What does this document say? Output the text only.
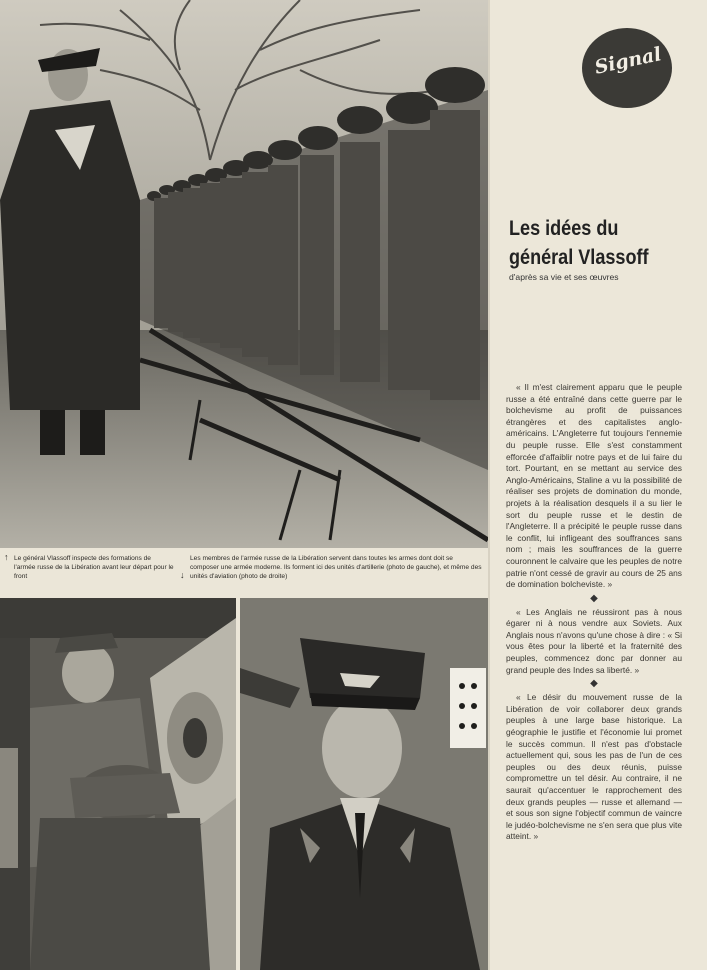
↑ Le général Vlassoff inspecte des formations de l'armée russe de la Libération avant leur départ pour le front	↓
Les membres de l'armée russe de la Libération servent dans toutes les armes dont doit se composer une armée moderne. Ils forment ici des unités d'artillerie (photo de gauche), et même des unités d'aviation (photo de droite)
Signal
Les idées du
général Vlassoff
d'après sa vie et ses œuvres

« Il m'est clairement apparu que le peuple russe a été entraîné dans cette guerre par le bolchevisme au profit de puissances étrangères et des capitalistes anglo-américains. L'Angleterre fut toujours l'ennemie du peuple russe. Elle s'est constamment efforcée d'affaiblir notre pays et de lui faire du tort. Pourtant, en se mettant au service des Anglo-Américains, Staline a vu la possibilité de réaliser ses projets de domination du monde, projets à la réalisation desquels il a su lier le sort du peuple russe et le destin de l'Angleterre. Il a précipité le peuple russe dans le conflit, lui infligeant des souffrances sans nom ; mais les souffrances de la guerre couronnent le calvaire que les peuples de notre patrie n'ont cessé de gravir au cours de 25 ans de domination bolcheviste. »

◆

« Les Anglais ne réussiront pas à nous égarer ni à nous vendre aux Soviets. Aux Anglais nous n'avons qu'une chose à dire : « Si vous êtes pour la liberté et la fraternité des peuples, commencez donc par donner au grand peuple des Indes sa liberté. »

◆

« Le désir du mouvement russe de la Libération de voir collaborer deux grands peuples à une large base historique. La géographie le justifie et l'économie lui promet le succès commun. Il n'est pas d'obstacle actuellement qui, sous les pas de l'un de ces peuples ou des deux réunis, puisse compromettre un tel désir. Au contraire, il ne saurait qu'accentuer le rapprochement des deux grands peuples — russe et allemand — et sous son signe l'objectif commun de vaincre le judéo-bolchevisme ne s'en sera que plus vite atteint. »
